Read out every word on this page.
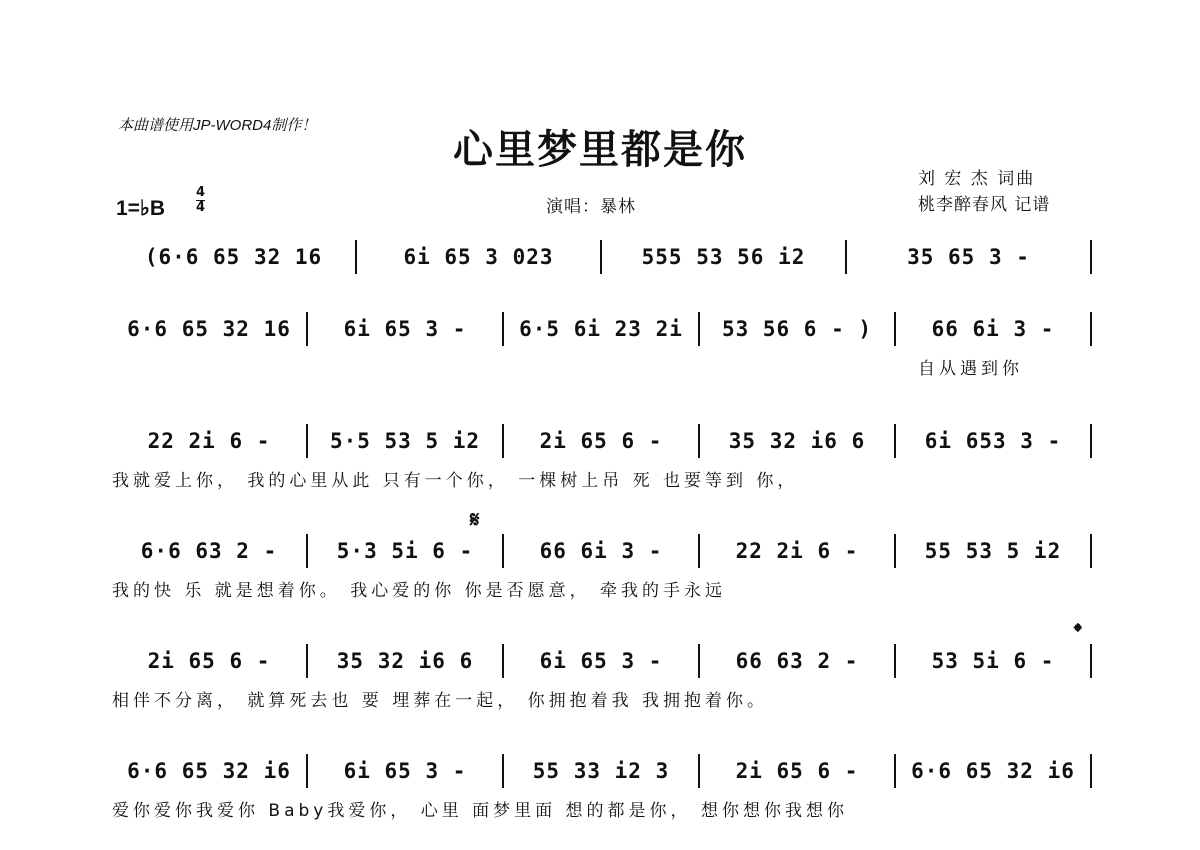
本曲谱使用JP-WORD4制作！
心里梦里都是你
刘 宏 杰 词曲
桃李醉春风 记谱
演唱：暴林
1=♭B
4
4
(6·6 65 32 16	6i 65 3 023	555 53 56 i2	35 65 3 -
6·6 65 32 16	6i 65 3 -	6·5 6i 23 2i	53 56 6 - )	66 6i 3 -
自从遇到你
22 2i 6 -	5·5 53 5 i2	2i 65 6 -	35 32 i6 6	6i 653 3 -
我就爱上你， 我的心里从此 只有一个你， 一棵树上吊 死 也要等到 你，
6·6 63 2 -	5·3 5i 6 -	66 6i 3 -	22 2i 6 -	55 53 5 i2
𝄋
我的快 乐 就是想着你。 我心爱的你 你是否愿意， 牵我的手永远
2i 65 6 -	35 32 i6 6	6i 65 3 -	66 63 2 -	53 5i 6 -
𝄌
相伴不分离， 就算死去也 要 埋葬在一起， 你拥抱着我 我拥抱着你。
6·6 65 32 i6	6i 65 3 -	55 33 i2 3	2i 65 6 -	6·6 65 32 i6
爱你爱你我爱你 Baby我爱你， 心里 面梦里面 想的都是你， 想你想你我想你
